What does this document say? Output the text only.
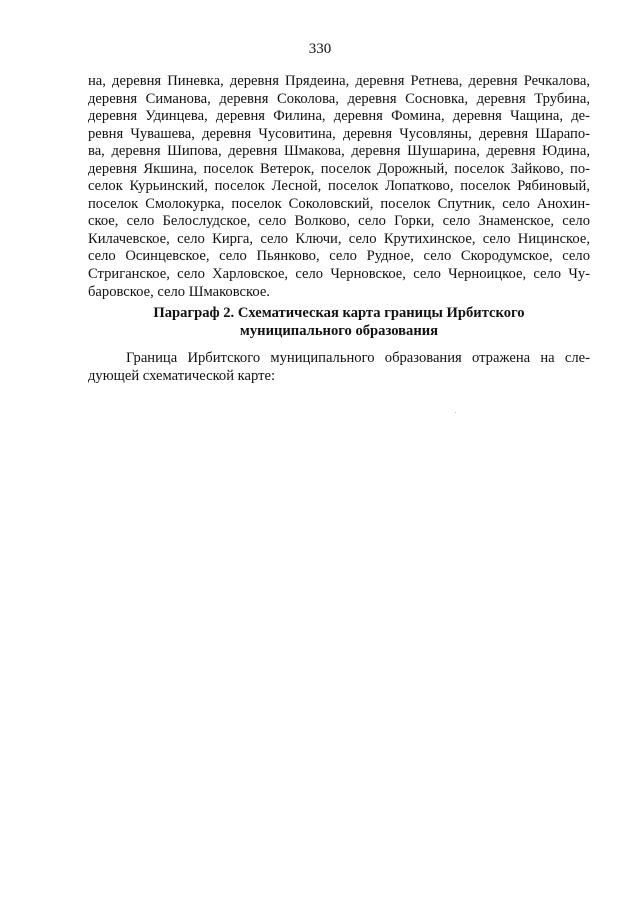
330
на, деревня Пиневка, деревня Прядеина, деревня Ретнева, деревня Речкалова,
деревня Симанова, деревня Соколова, деревня Сосновка, деревня Трубина,
деревня Удинцева, деревня Филина, деревня Фомина, деревня Чащина, де-
ревня Чувашева, деревня Чусовитина, деревня Чусовляны, деревня Шарапо-
ва, деревня Шипова, деревня Шмакова, деревня Шушарина, деревня Юдина,
деревня Якшина, поселок Ветерок, поселок Дорожный, поселок Зайково, по-
селок Курьинский, поселок Лесной, поселок Лопатково, поселок Рябиновый,
поселок Смолокурка, поселок Соколовский, поселок Спутник, село Анохин-
ское, село Белослудское, село Волково, село Горки, село Знаменское, село
Килачевское, село Кирга, село Ключи, село Крутихинское, село Ницинское,
село Осинцевское, село Пьянково, село Рудное, село Скородумское, село
Стриганское, село Харловское, село Черновское, село Черноицкое, село Чу-
баровское, село Шмаковское.
Параграф 2. Схематическая карта границы Ирбитского
муниципального образования
Граница Ирбитского муниципального образования отражена на сле-
дующей схематической карте:
